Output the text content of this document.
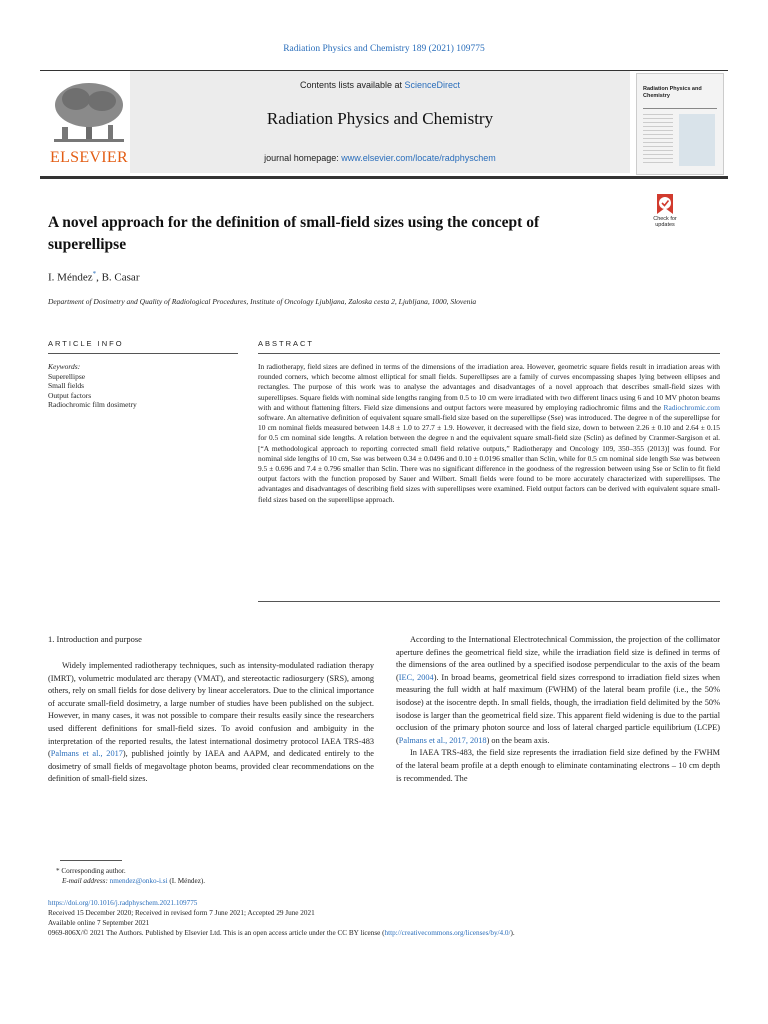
Radiation Physics and Chemistry 189 (2021) 109775
ELSEVIER
Contents lists available at ScienceDirect
Radiation Physics and Chemistry
journal homepage: www.elsevier.com/locate/radphyschem
Radiation Physics and Chemistry
A novel approach for the definition of small-field sizes using the concept of superellipse
Check for updates
I. Méndez*, B. Casar
Department of Dosimetry and Quality of Radiological Procedures, Institute of Oncology Ljubljana, Zaloska cesta 2, Ljubljana, 1000, Slovenia
ARTICLE INFO	ABSTRACT
Keywords:
Superellipse
Small fields
Output factors
Radiochromic film dosimetry
In radiotherapy, field sizes are defined in terms of the dimensions of the irradiation area. However, geometric square fields result in irradiation areas with rounded corners, which become almost elliptical for small fields. Superellipses are a family of curves encompassing shapes lying between ellipses and rectangles. The purpose of this work was to analyse the advantages and disadvantages of a novel approach that describes small-field sizes with superellipses. Square fields with nominal side lengths ranging from 0.5 to 10 cm were irradiated with two different linacs using 6 and 10 MV photon beams with and without flattening filters. Field size dimensions and output factors were measured by employing radiochromic films and the Radiochromic.com software. An alternative definition of equivalent square small-field size based on the superellipse (Sse) was introduced. The degree n of the superellipse for 10 cm nominal fields measured between 14.8 ± 1.0 to 27.7 ± 1.9. However, it decreased with the field size, down to between 2.26 ± 0.10 and 2.64 ± 0.15 for 0.5 cm nominal side lengths. A relation between the degree n and the equivalent square small-field size (Sclin) as defined by Cranmer-Sargison et al. [“A methodological approach to reporting corrected small field relative outputs,” Radiotherapy and Oncology 109, 350–355 (2013)] was found. For nominal side lengths of 10 cm, Sse was between 0.34 ± 0.0496 and 0.10 ± 0.0196 smaller than Sclin, while for 0.5 cm nominal side length Sse was between 9.5 ± 0.696 and 7.4 ± 0.796 smaller than Sclin. There was no significant difference in the goodness of the regression between using Sse or Sclin to fit field output factors with the function proposed by Sauer and Wilbert. Small fields were found to be more accurately characterized with superellipses. The advantages and disadvantages of describing field sizes with superellipses were examined. Field output factors can be derived with equivalent square small-field sizes based on the superellipse approach.
1. Introduction and purpose

Widely implemented radiotherapy techniques, such as intensity-modulated radiation therapy (IMRT), volumetric modulated arc therapy (VMAT), and stereotactic radiosurgery (SRS), among others, rely on small fields for dose delivery by linear accelerators. Due to the clinical importance of accurate small-field dosimetry, a large number of studies have been published on the subject. However, in many cases, it was not possible to compare their results easily since the researchers used different definitions for small-field sizes. To avoid confusion and ambiguity in the interpretation of the reported results, the latest international dosimetry protocol IAEA TRS-483 (Palmans et al., 2017), published jointly by IAEA and AAPM, and dedicated entirely to the dosimetry of small fields of megavoltage photon beams, provided clear recommendations on the definition of small-field sizes.

According to the International Electrotechnical Commission, the projection of the collimator aperture defines the geometrical field size, while the irradiation field size is defined in terms of the dimensions of the area outlined by a specified isodose perpendicular to the axis of the beam (IEC, 2004). In broad beams, geometrical field sizes correspond to irradiation field sizes when measuring the full width at half maximum (FWHM) of the lateral beam profile (i.e., the 50% isodose) at the isocentre depth. In small fields, though, the irradiation field delimited by the 50% isodose is larger than the geometrical field size. This apparent field widening is due to the partial occlusion of the primary photon source and loss of lateral charged particle equilibrium (LCPE) (Palmans et al., 2017, 2018) on the beam axis.

In IAEA TRS-483, the field size represents the irradiation field size defined by the FWHM of the lateral beam profile at a depth enough to eliminate contaminating electrons – 10 cm depth is recommended. The

* Corresponding author.
E-mail address: nmendez@onko-i.si (I. Méndez).
https://doi.org/10.1016/j.radphyschem.2021.109775
Received 15 December 2020; Received in revised form 7 June 2021; Accepted 29 June 2021
Available online 7 September 2021
0969-806X/© 2021 The Authors. Published by Elsevier Ltd. This is an open access article under the CC BY license (http://creativecommons.org/licenses/by/4.0/).
